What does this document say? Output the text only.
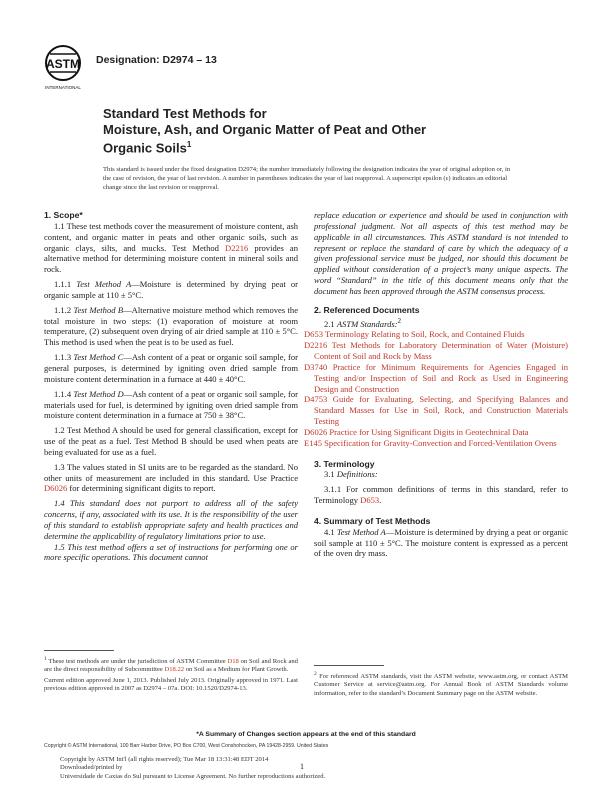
ASTM
INTERNATIONAL
Designation: D2974 – 13
Standard Test Methods for
Moisture, Ash, and Organic Matter of Peat and Other
Organic Soils$^1$
This standard is issued under the fixed designation D2974; the number immediately following the designation indicates the year of original adoption or, in the case of revision, the year of last revision. A number in parentheses indicates the year of last reapproval. A superscript epsilon (ε) indicates an editorial change since the last revision or reapproval.

1. Scope*

1.1 These test methods cover the measurement of moisture content, ash content, and organic matter in peats and other organic soils, such as organic clays, silts, and mucks. Test Method D2216 provides an alternative method for determining moisture content in mineral soils and rock.

1.1.1 Test Method A—Moisture is determined by drying peat or organic sample at 110 ± 5°C.

1.1.2 Test Method B—Alternative moisture method which removes the total moisture in two steps: (1) evaporation of moisture at room temperature, (2) subsequent oven drying of air dried sample at 110 ± 5°C. This method is used when the peat is to be used as fuel.

1.1.3 Test Method C—Ash content of a peat or organic soil sample, for general purposes, is determined by igniting oven dried sample from moisture content determination in a furnace at 440 ± 40°C.

1.1.4 Test Method D—Ash content of a peat or organic soil sample, for materials used for fuel, is determined by igniting oven dried sample from moisture content determination in a furnace at 750 ± 38°C.

1.2 Test Method A should be used for general classification, except for use of the peat as a fuel. Test Method B should be used when peats are being evaluated for use as a fuel.

1.3 The values stated in SI units are to be regarded as the standard. No other units of measurement are included in this standard. Use Practice D6026 for determining significant digits to report.

1.4 This standard does not purport to address all of the safety concerns, if any, associated with its use. It is the responsibility of the user of this standard to establish appropriate safety and health practices and determine the applicability of regulatory limitations prior to use.

1.5 This test method offers a set of instructions for performing one or more specific operations. This document cannot

replace education or experience and should be used in conjunction with professional judgment. Not all aspects of this test method may be applicable in all circumstances. This ASTM standard is not intended to represent or replace the standard of care by which the adequacy of a given professional service must be judged, nor should this document be applied without consideration of a project’s many unique aspects. The word “Standard” in the title of this document means only that the document has been approved through the ASTM consensus process.

2. Referenced Documents

2.1 ASTM Standards:$^2$

D653 Terminology Relating to Soil, Rock, and Contained Fluids

D2216 Test Methods for Laboratory Determination of Water (Moisture) Content of Soil and Rock by Mass

D3740 Practice for Minimum Requirements for Agencies Engaged in Testing and/or Inspection of Soil and Rock as Used in Engineering Design and Construction

D4753 Guide for Evaluating, Selecting, and Specifying Balances and Standard Masses for Use in Soil, Rock, and Construction Materials Testing

D6026 Practice for Using Significant Digits in Geotechnical Data

E145 Specification for Gravity-Convection and Forced-Ventilation Ovens

3. Terminology

3.1 Definitions:

3.1.1 For common definitions of terms in this standard, refer to Terminology D653.

4. Summary of Test Methods

4.1 Test Method A—Moisture is determined by drying a peat or organic soil sample at 110 ± 5°C. The moisture content is expressed as a percent of the oven dry mass.

$^1$ These test methods are under the jurisdiction of ASTM Committee D18 on Soil and Rock and are the direct responsibility of Subcommittee D18.22 on Soil as a Medium for Plant Growth.

Current edition approved June 1, 2013. Published July 2013. Originally approved in 1971. Last previous edition approved in 2007 as D2974 – 07a. DOI: 10.1520/D2974-13.

$^2$ For referenced ASTM standards, visit the ASTM website, www.astm.org, or contact ASTM Customer Service at service@astm.org. For Annual Book of ASTM Standards volume information, refer to the standard’s Document Summary page on the ASTM website.

*A Summary of Changes section appears at the end of this standard
Copyright © ASTM International, 100 Barr Harbor Drive, PO Box C700, West Conshohocken, PA 19428-2959. United States
Copyright by ASTM Int'l (all rights reserved); Tue Mar 18 13:31:48 EDT 2014
Downloaded/printed by
Universidade de Caxias do Sul pursuant to License Agreement. No further reproductions authorized.
1
